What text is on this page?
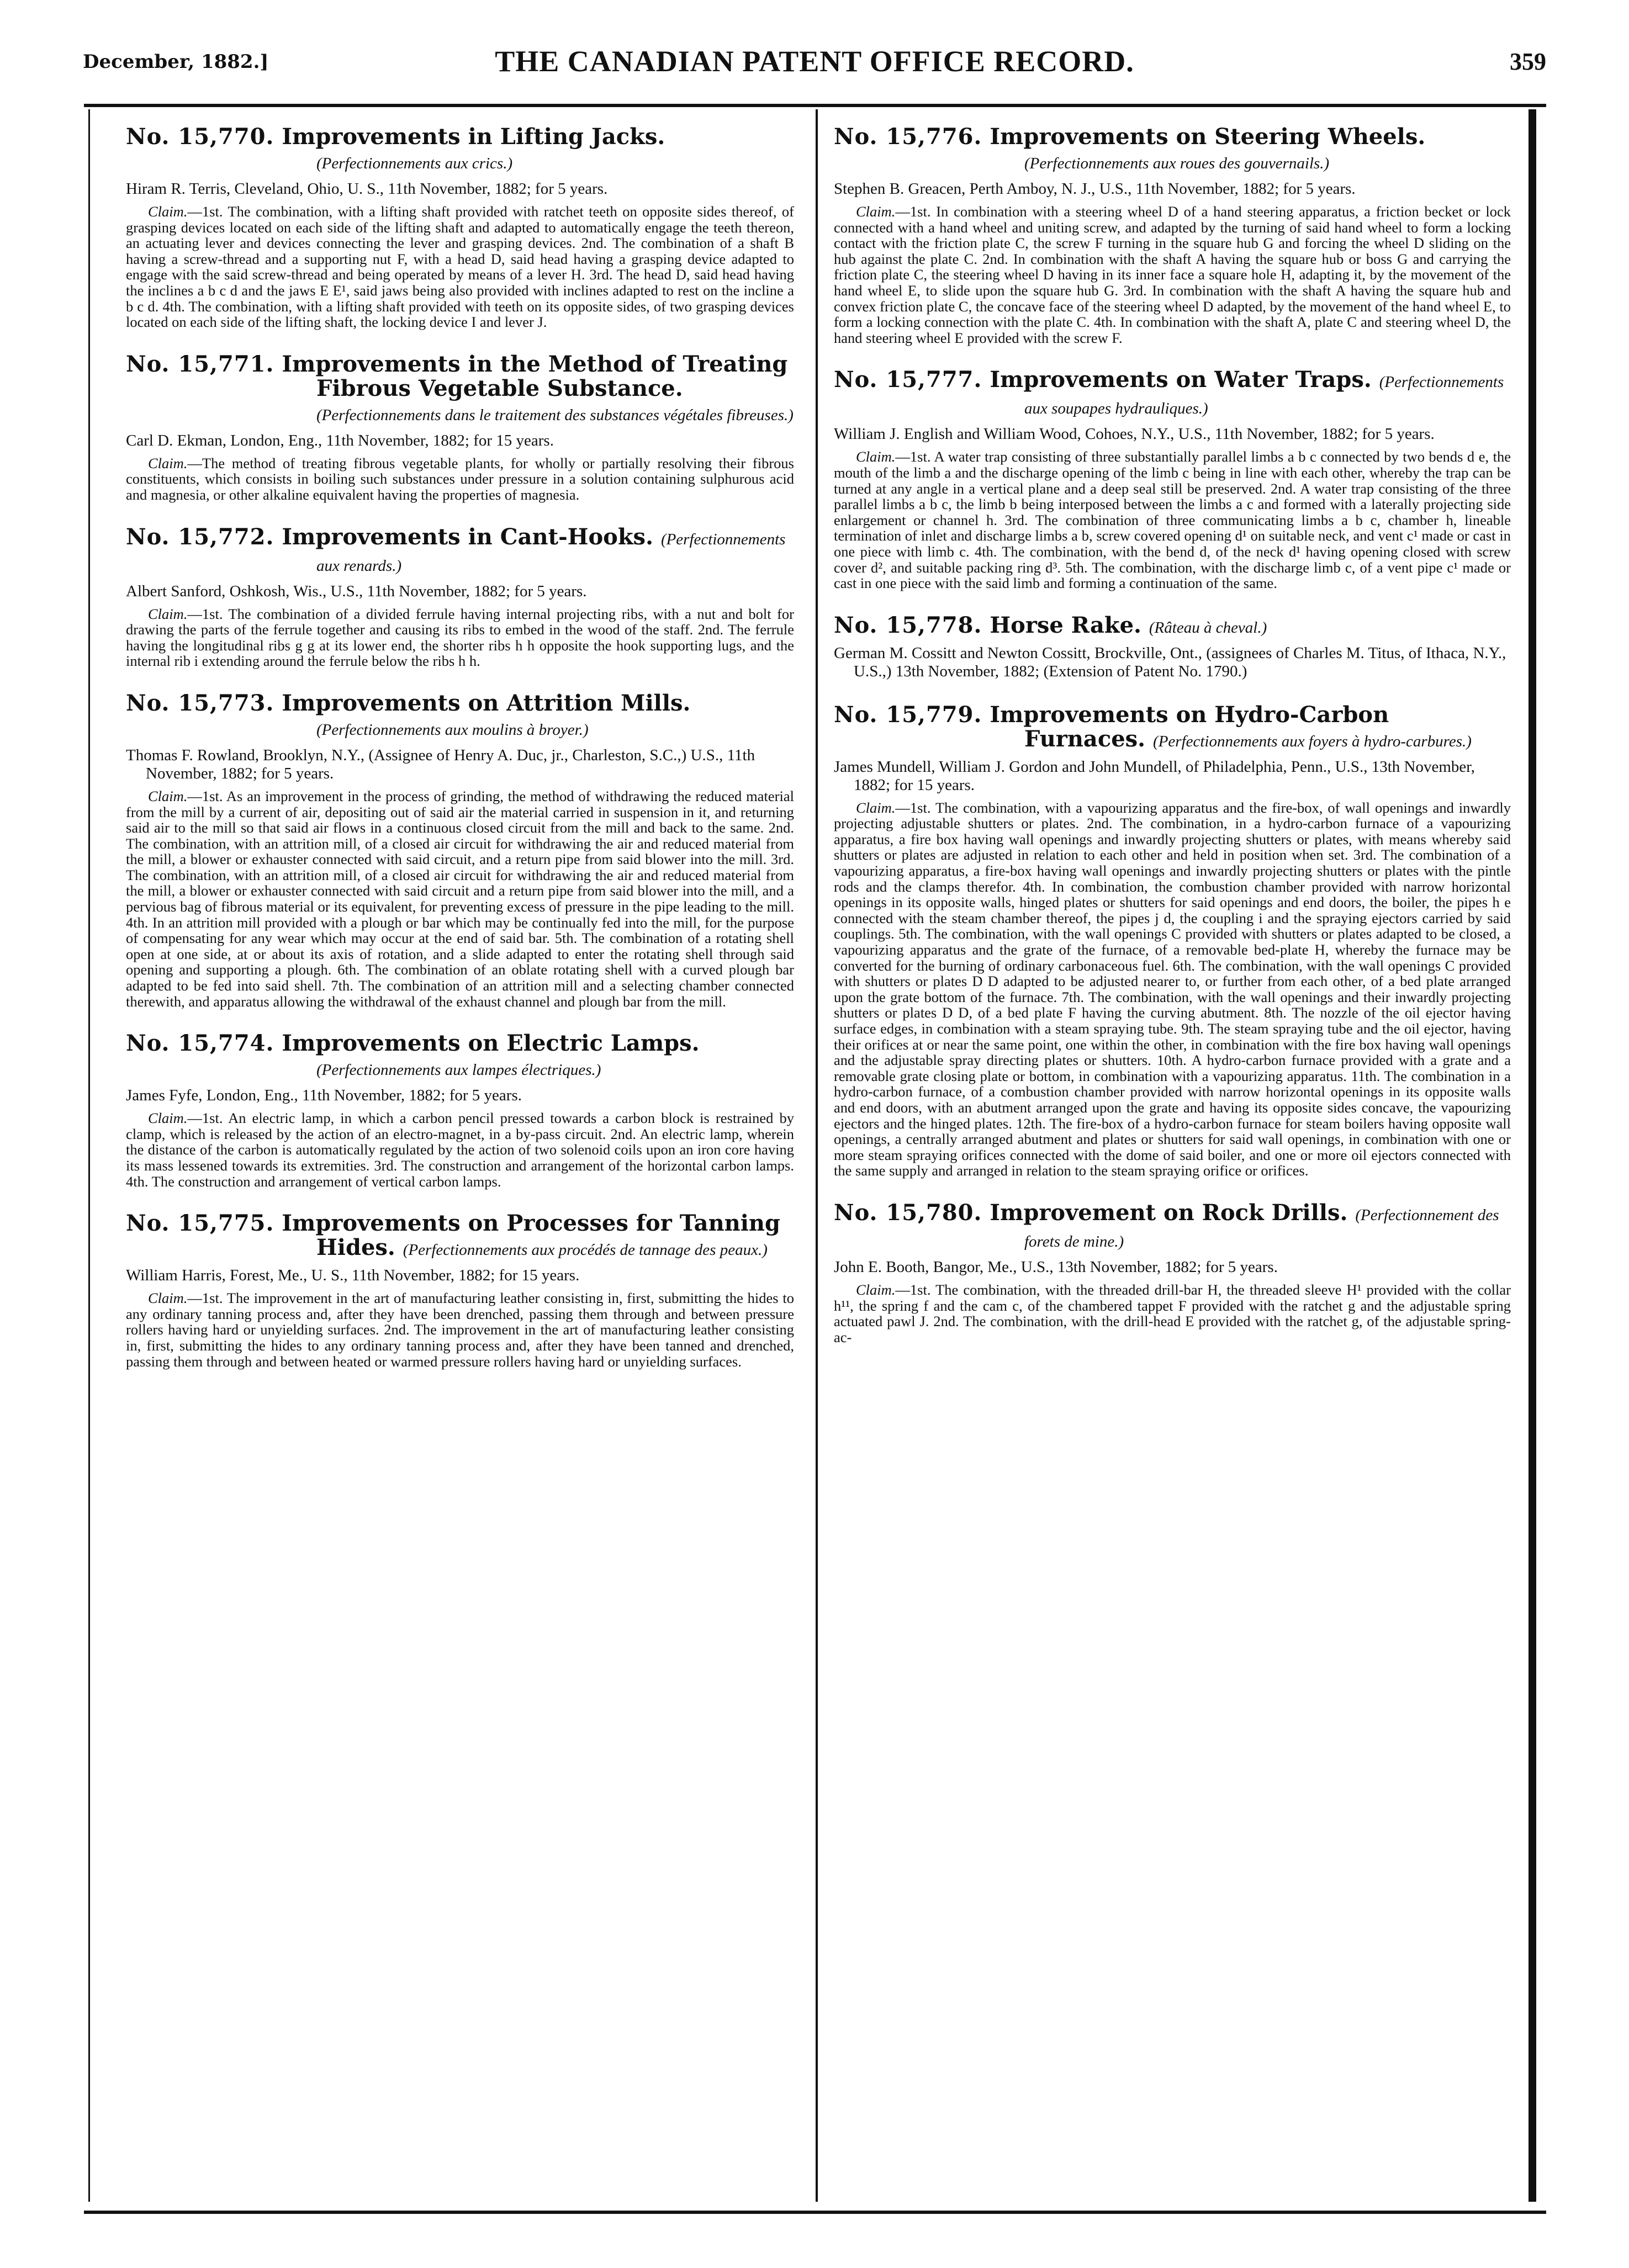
December, 1882.]	THE CANADIAN PATENT OFFICE RECORD.	359
No. 15,770. Improvements in Lifting Jacks. (Perfectionnements aux crics.)

Hiram R. Terris, Cleveland, Ohio, U. S., 11th November, 1882; for 5 years.

Claim.—1st. The combination, with a lifting shaft provided with ratchet teeth on opposite sides thereof, of grasping devices located on each side of the lifting shaft and adapted to automatically engage the teeth thereon, an actuating lever and devices connecting the lever and grasping devices. 2nd. The combination of a shaft B having a screw-thread and a supporting nut F, with a head D, said head having a grasping device adapted to engage with the said screw-thread and being operated by means of a lever H. 3rd. The head D, said head having the inclines a b c d and the jaws E E¹, said jaws being also provided with inclines adapted to rest on the incline a b c d. 4th. The combination, with a lifting shaft provided with teeth on its opposite sides, of two grasping devices located on each side of the lifting shaft, the locking device I and lever J.

No. 15,771. Improvements in the Method of Treating Fibrous Vegetable Substance. (Perfectionnements dans le traitement des substances végétales fibreuses.)

Carl D. Ekman, London, Eng., 11th November, 1882; for 15 years.

Claim.—The method of treating fibrous vegetable plants, for wholly or partially resolving their fibrous constituents, which consists in boiling such substances under pressure in a solution containing sulphurous acid and magnesia, or other alkaline equivalent having the properties of magnesia.

No. 15,772. Improvements in Cant-Hooks. (Perfectionnements aux renards.)

Albert Sanford, Oshkosh, Wis., U.S., 11th November, 1882; for 5 years.

Claim.—1st. The combination of a divided ferrule having internal projecting ribs, with a nut and bolt for drawing the parts of the ferrule together and causing its ribs to embed in the wood of the staff. 2nd. The ferrule having the longitudinal ribs g g at its lower end, the shorter ribs h h opposite the hook supporting lugs, and the internal rib i extending around the ferrule below the ribs h h.

No. 15,773. Improvements on Attrition Mills. (Perfectionnements aux moulins à broyer.)

Thomas F. Rowland, Brooklyn, N.Y., (Assignee of Henry A. Duc, jr., Charleston, S.C.,) U.S., 11th November, 1882; for 5 years.

Claim.—1st. As an improvement in the process of grinding, the method of withdrawing the reduced material from the mill by a current of air, depositing out of said air the material carried in suspension in it, and returning said air to the mill so that said air flows in a continuous closed circuit from the mill and back to the same. 2nd. The combination, with an attrition mill, of a closed air circuit for withdrawing the air and reduced material from the mill, a blower or exhauster connected with said circuit, and a return pipe from said blower into the mill. 3rd. The combination, with an attrition mill, of a closed air circuit for withdrawing the air and reduced material from the mill, a blower or exhauster connected with said circuit and a return pipe from said blower into the mill, and a pervious bag of fibrous material or its equivalent, for preventing excess of pressure in the pipe leading to the mill. 4th. In an attrition mill provided with a plough or bar which may be continually fed into the mill, for the purpose of compensating for any wear which may occur at the end of said bar. 5th. The combination of a rotating shell open at one side, at or about its axis of rotation, and a slide adapted to enter the rotating shell through said opening and supporting a plough. 6th. The combination of an oblate rotating shell with a curved plough bar adapted to be fed into said shell. 7th. The combination of an attrition mill and a selecting chamber connected therewith, and apparatus allowing the withdrawal of the exhaust channel and plough bar from the mill.

No. 15,774. Improvements on Electric Lamps. (Perfectionnements aux lampes électriques.)

James Fyfe, London, Eng., 11th November, 1882; for 5 years.

Claim.—1st. An electric lamp, in which a carbon pencil pressed towards a carbon block is restrained by clamp, which is released by the action of an electro-magnet, in a by-pass circuit. 2nd. An electric lamp, wherein the distance of the carbon is automatically regulated by the action of two solenoid coils upon an iron core having its mass lessened towards its extremities. 3rd. The construction and arrangement of the horizontal carbon lamps. 4th. The construction and arrangement of vertical carbon lamps.

No. 15,775. Improvements on Processes for Tanning Hides. (Perfectionnements aux procédés de tannage des peaux.)

William Harris, Forest, Me., U. S., 11th November, 1882; for 15 years.

Claim.—1st. The improvement in the art of manufacturing leather consisting in, first, submitting the hides to any ordinary tanning process and, after they have been drenched, passing them through and between pressure rollers having hard or unyielding surfaces. 2nd. The improvement in the art of manufacturing leather consisting in, first, submitting the hides to any ordinary tanning process and, after they have been tanned and drenched, passing them through and between heated or warmed pressure rollers having hard or unyielding surfaces.

No. 15,776. Improvements on Steering Wheels. (Perfectionnements aux roues des gouvernails.)

Stephen B. Greacen, Perth Amboy, N. J., U.S., 11th November, 1882; for 5 years.

Claim.—1st. In combination with a steering wheel D of a hand steering apparatus, a friction becket or lock connected with a hand wheel and uniting screw, and adapted by the turning of said hand wheel to form a locking contact with the friction plate C, the screw F turning in the square hub G and forcing the wheel D sliding on the hub against the plate C. 2nd. In combination with the shaft A having the square hub or boss G and carrying the friction plate C, the steering wheel D having in its inner face a square hole H, adapting it, by the movement of the hand wheel E, to slide upon the square hub G. 3rd. In combination with the shaft A having the square hub and convex friction plate C, the concave face of the steering wheel D adapted, by the movement of the hand wheel E, to form a locking connection with the plate C. 4th. In combination with the shaft A, plate C and steering wheel D, the hand steering wheel E provided with the screw F.

No. 15,777. Improvements on Water Traps. (Perfectionnements aux soupapes hydrauliques.)

William J. English and William Wood, Cohoes, N.Y., U.S., 11th November, 1882; for 5 years.

Claim.—1st. A water trap consisting of three substantially parallel limbs a b c connected by two bends d e, the mouth of the limb a and the discharge opening of the limb c being in line with each other, whereby the trap can be turned at any angle in a vertical plane and a deep seal still be preserved. 2nd. A water trap consisting of the three parallel limbs a b c, the limb b being interposed between the limbs a c and formed with a laterally projecting side enlargement or channel h. 3rd. The combination of three communicating limbs a b c, chamber h, lineable termination of inlet and discharge limbs a b, screw covered opening d¹ on suitable neck, and vent c¹ made or cast in one piece with limb c. 4th. The combination, with the bend d, of the neck d¹ having opening closed with screw cover d², and suitable packing ring d³. 5th. The combination, with the discharge limb c, of a vent pipe c¹ made or cast in one piece with the said limb and forming a continuation of the same.

No. 15,778. Horse Rake. (Râteau à cheval.)

German M. Cossitt and Newton Cossitt, Brockville, Ont., (assignees of Charles M. Titus, of Ithaca, N.Y., U.S.,) 13th November, 1882; (Extension of Patent No. 1790.)

No. 15,779. Improvements on Hydro-Carbon Furnaces. (Perfectionnements aux foyers à hydro-carbures.)

James Mundell, William J. Gordon and John Mundell, of Philadelphia, Penn., U.S., 13th November, 1882; for 15 years.

Claim.—1st. The combination, with a vapourizing apparatus and the fire-box, of wall openings and inwardly projecting adjustable shutters or plates. 2nd. The combination, in a hydro-carbon furnace of a vapourizing apparatus, a fire box having wall openings and inwardly projecting shutters or plates, with means whereby said shutters or plates are adjusted in relation to each other and held in position when set. 3rd. The combination of a vapourizing apparatus, a fire-box having wall openings and inwardly projecting shutters or plates with the pintle rods and the clamps therefor. 4th. In combination, the combustion chamber provided with narrow horizontal openings in its opposite walls, hinged plates or shutters for said openings and end doors, the boiler, the pipes h e connected with the steam chamber thereof, the pipes j d, the coupling i and the spraying ejectors carried by said couplings. 5th. The combination, with the wall openings C provided with shutters or plates adapted to be closed, a vapourizing apparatus and the grate of the furnace, of a removable bed-plate H, whereby the furnace may be converted for the burning of ordinary carbonaceous fuel. 6th. The combination, with the wall openings C provided with shutters or plates D D adapted to be adjusted nearer to, or further from each other, of a bed plate arranged upon the grate bottom of the furnace. 7th. The combination, with the wall openings and their inwardly projecting shutters or plates D D, of a bed plate F having the curving abutment. 8th. The nozzle of the oil ejector having surface edges, in combination with a steam spraying tube. 9th. The steam spraying tube and the oil ejector, having their orifices at or near the same point, one within the other, in combination with the fire box having wall openings and the adjustable spray directing plates or shutters. 10th. A hydro-carbon furnace provided with a grate and a removable grate closing plate or bottom, in combination with a vapourizing apparatus. 11th. The combination in a hydro-carbon furnace, of a combustion chamber provided with narrow horizontal openings in its opposite walls and end doors, with an abutment arranged upon the grate and having its opposite sides concave, the vapourizing ejectors and the hinged plates. 12th. The fire-box of a hydro-carbon furnace for steam boilers having opposite wall openings, a centrally arranged abutment and plates or shutters for said wall openings, in combination with one or more steam spraying orifices connected with the dome of said boiler, and one or more oil ejectors connected with the same supply and arranged in relation to the steam spraying orifice or orifices.

No. 15,780. Improvement on Rock Drills. (Perfectionnement des forets de mine.)

John E. Booth, Bangor, Me., U.S., 13th November, 1882; for 5 years.

Claim.—1st. The combination, with the threaded drill-bar H, the threaded sleeve H¹ provided with the collar h¹¹, the spring f and the cam c, of the chambered tappet F provided with the ratchet g and the adjustable spring actuated pawl J. 2nd. The combination, with the drill-head E provided with the ratchet g, of the adjustable spring-ac-
